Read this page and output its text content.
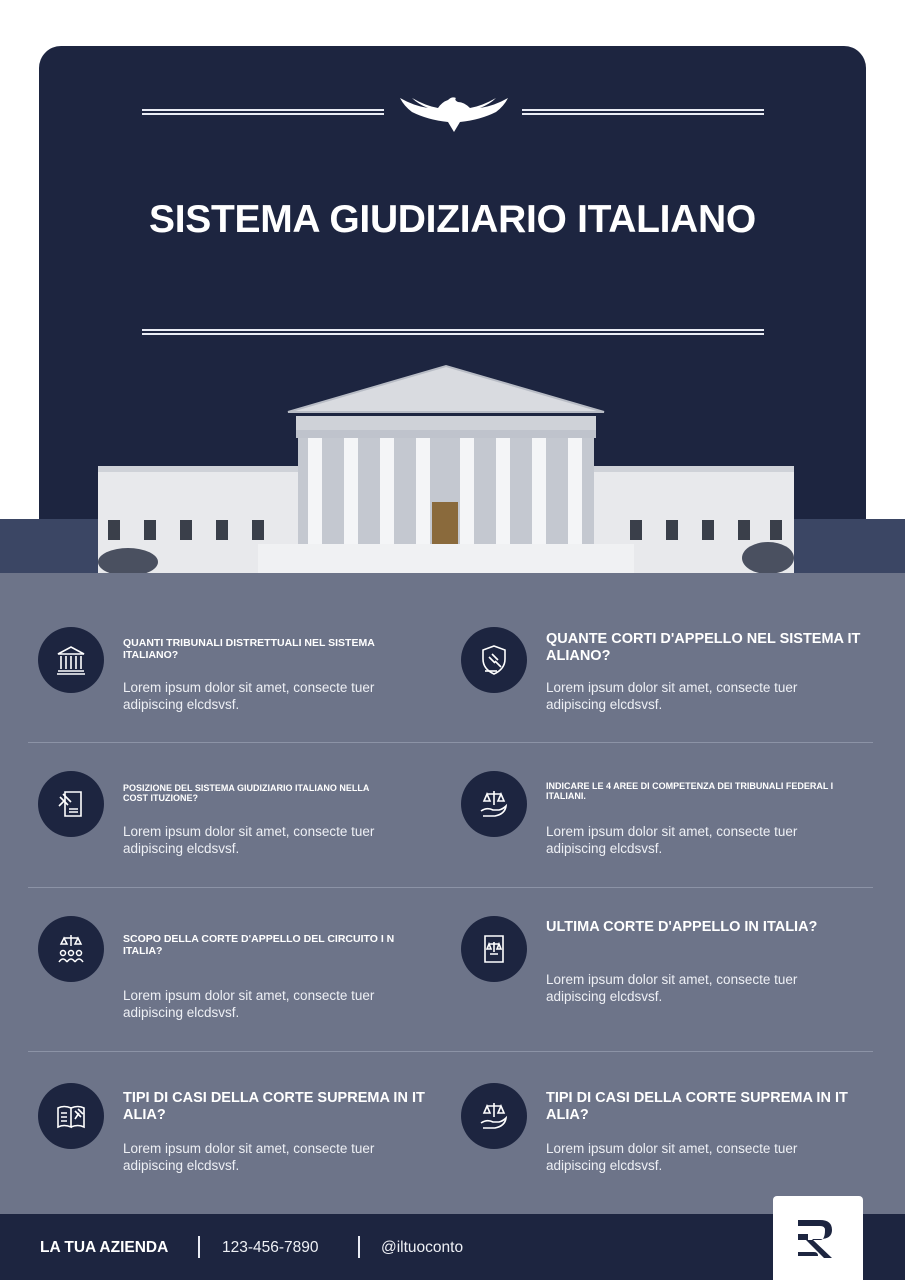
SISTEMA GIUDIZIARIO ITALIANO
QUANTI TRIBUNALI DISTRETTUALI NEL SISTEMA ITALIANO?
Lorem ipsum dolor sit amet, consecte tuer adipiscing elcdsvsf.
QUANTE CORTI D'APPELLO NEL SISTEMA IT ALIANO?
Lorem ipsum dolor sit amet, consecte tuer adipiscing elcdsvsf.
POSIZIONE DEL SISTEMA GIUDIZIARIO ITALIANO NELLA COST ITUZIONE?
Lorem ipsum dolor sit amet, consecte tuer adipiscing elcdsvsf.
INDICARE LE 4 AREE DI COMPETENZA DEI TRIBUNALI FEDERAL I ITALIANI.
Lorem ipsum dolor sit amet, consecte tuer adipiscing elcdsvsf.
SCOPO DELLA CORTE D'APPELLO DEL CIRCUITO I N ITALIA?
Lorem ipsum dolor sit amet, consecte tuer adipiscing elcdsvsf.
ULTIMA CORTE D'APPELLO IN ITALIA?
Lorem ipsum dolor sit amet, consecte tuer adipiscing elcdsvsf.
TIPI DI CASI DELLA CORTE SUPREMA IN IT ALIA?
Lorem ipsum dolor sit amet, consecte tuer adipiscing elcdsvsf.
TIPI DI CASI DELLA CORTE SUPREMA IN IT ALIA?
Lorem ipsum dolor sit amet, consecte tuer adipiscing elcdsvsf.
LA TUA AZIENDA	123-456-7890	@iltuoconto
